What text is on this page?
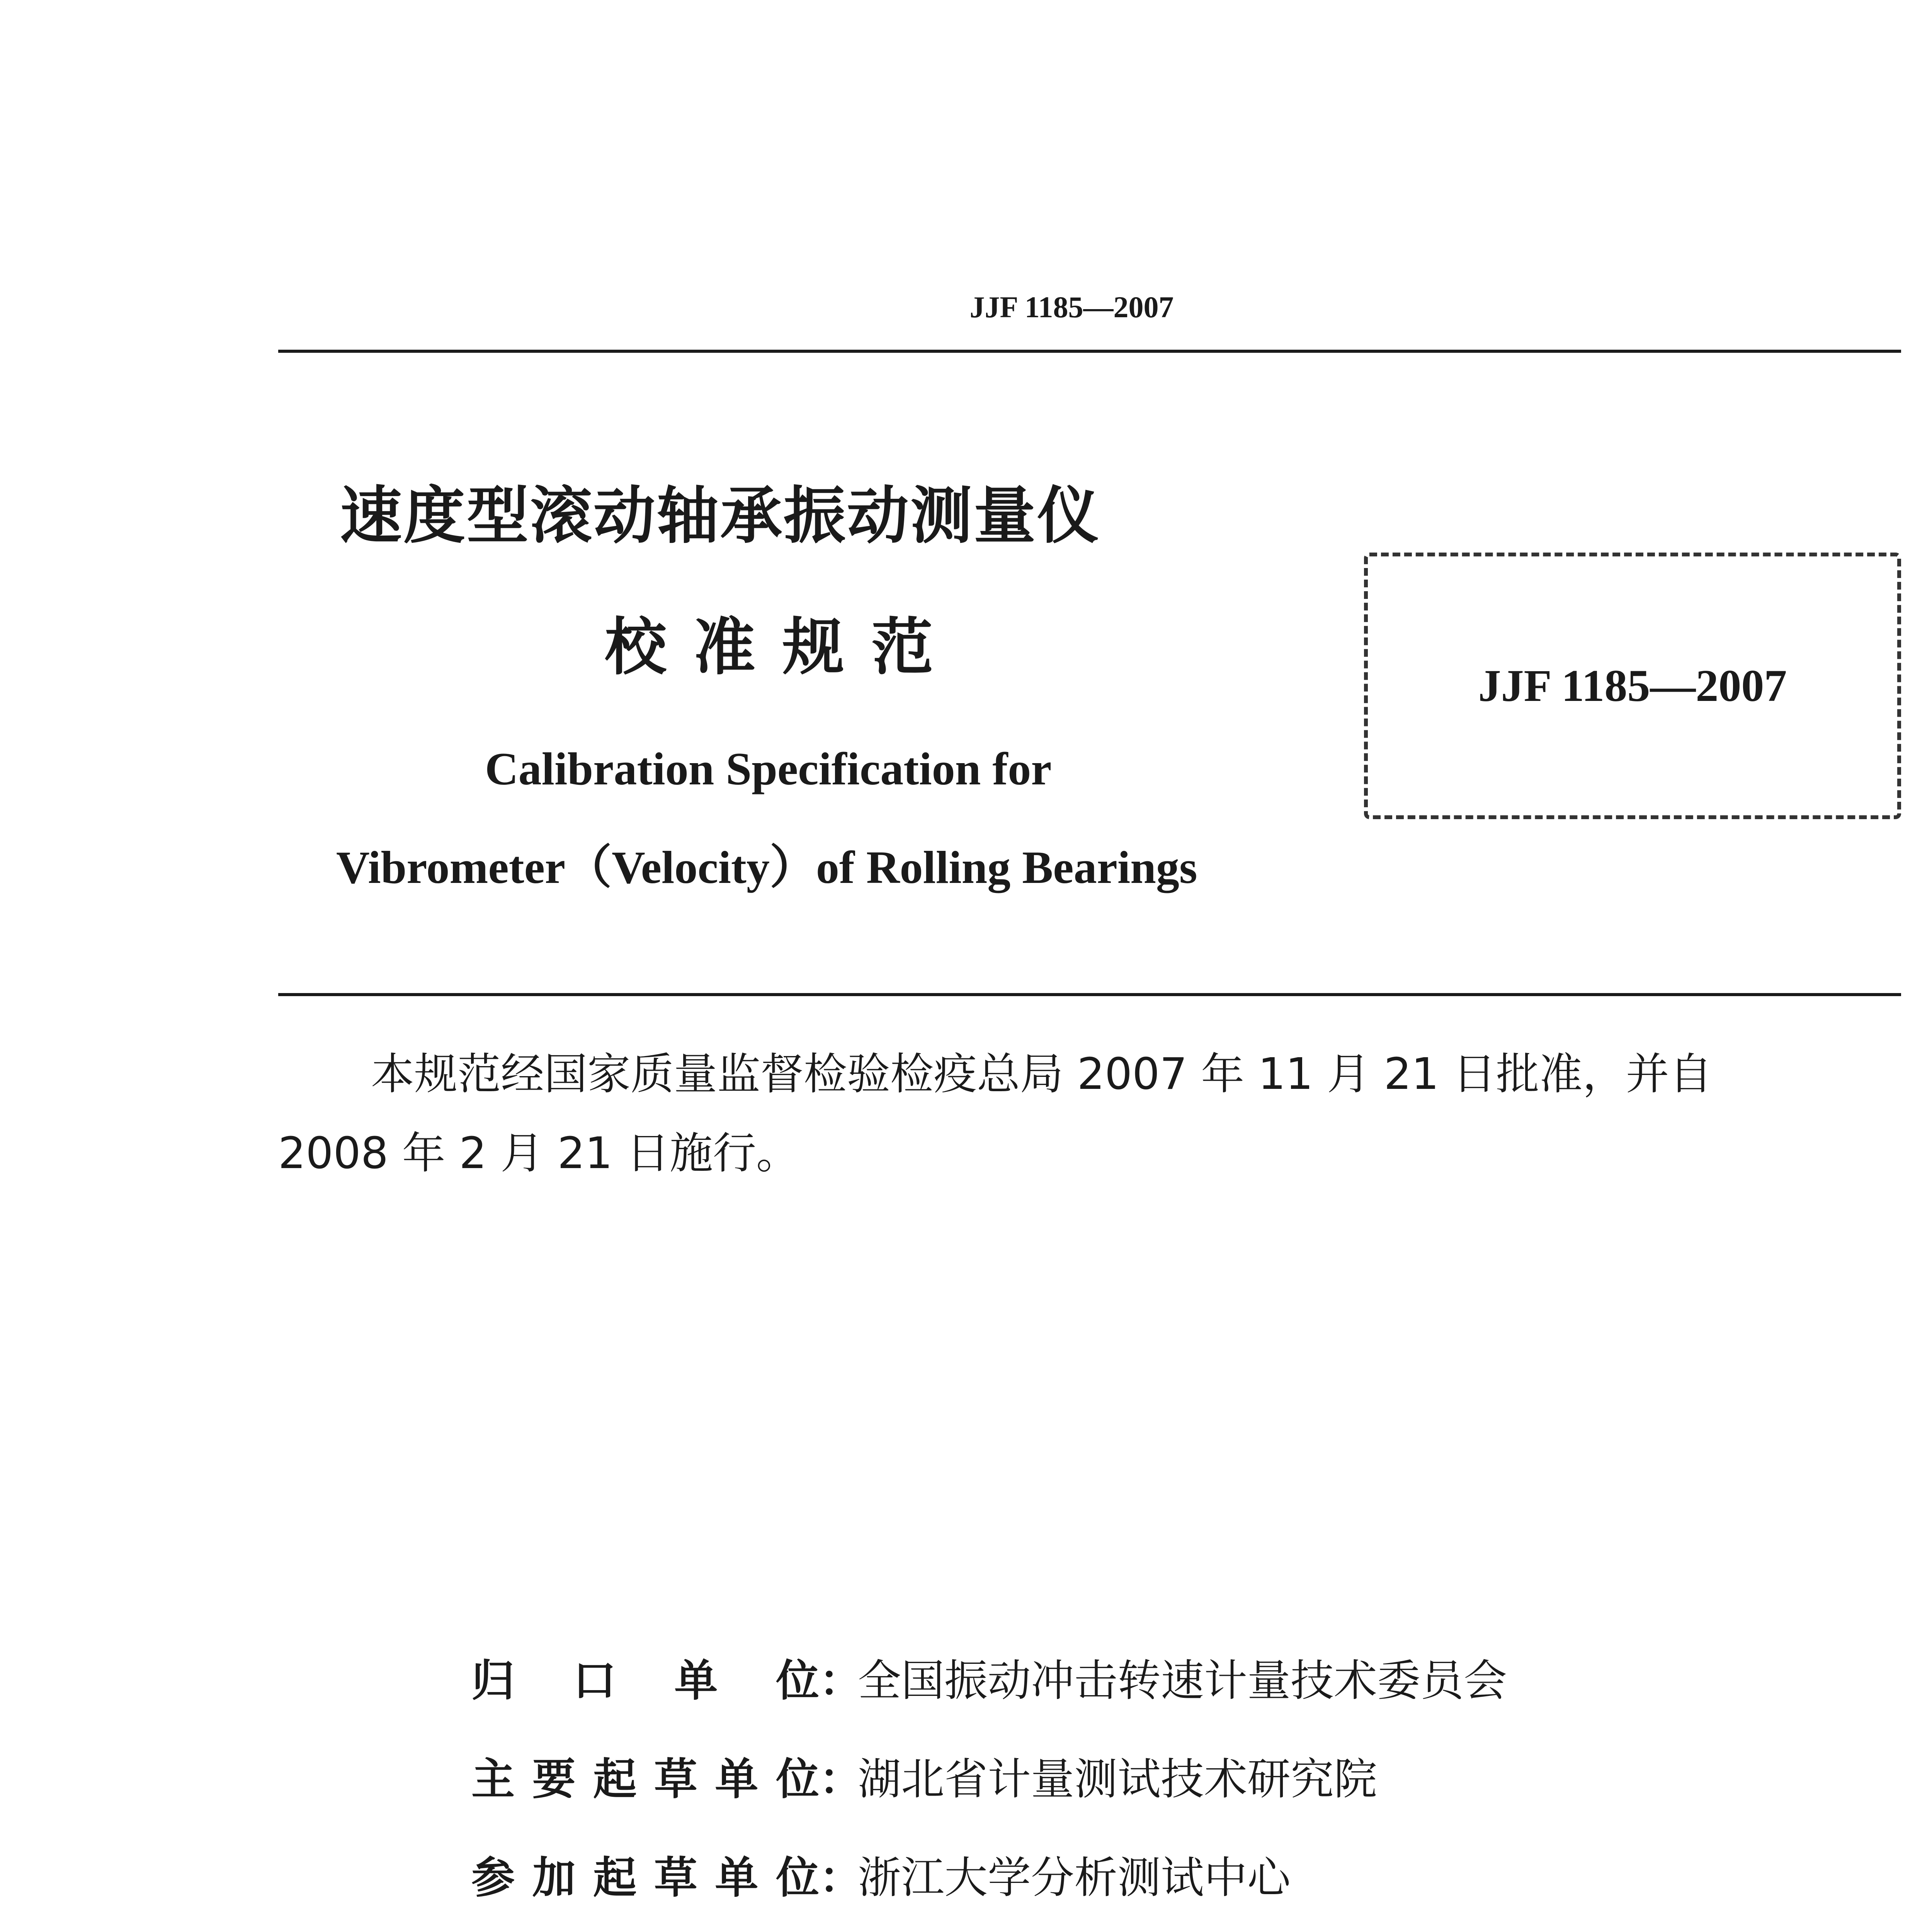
JJF 1185—2007
速度型滚动轴承振动测量仪
校准规范
Calibration Specification for
Vibrometer（Velocity）of Rolling Bearings
JJF 1185—2007
本规范经国家质量监督检验检疫总局 2007 年 11 月 21 日批准，并自
2008 年 2 月 21 日施行。
归口单位：全国振动冲击转速计量技术委员会
主要起草单位：湖北省计量测试技术研究院
参加起草单位：浙江大学分析测试中心
